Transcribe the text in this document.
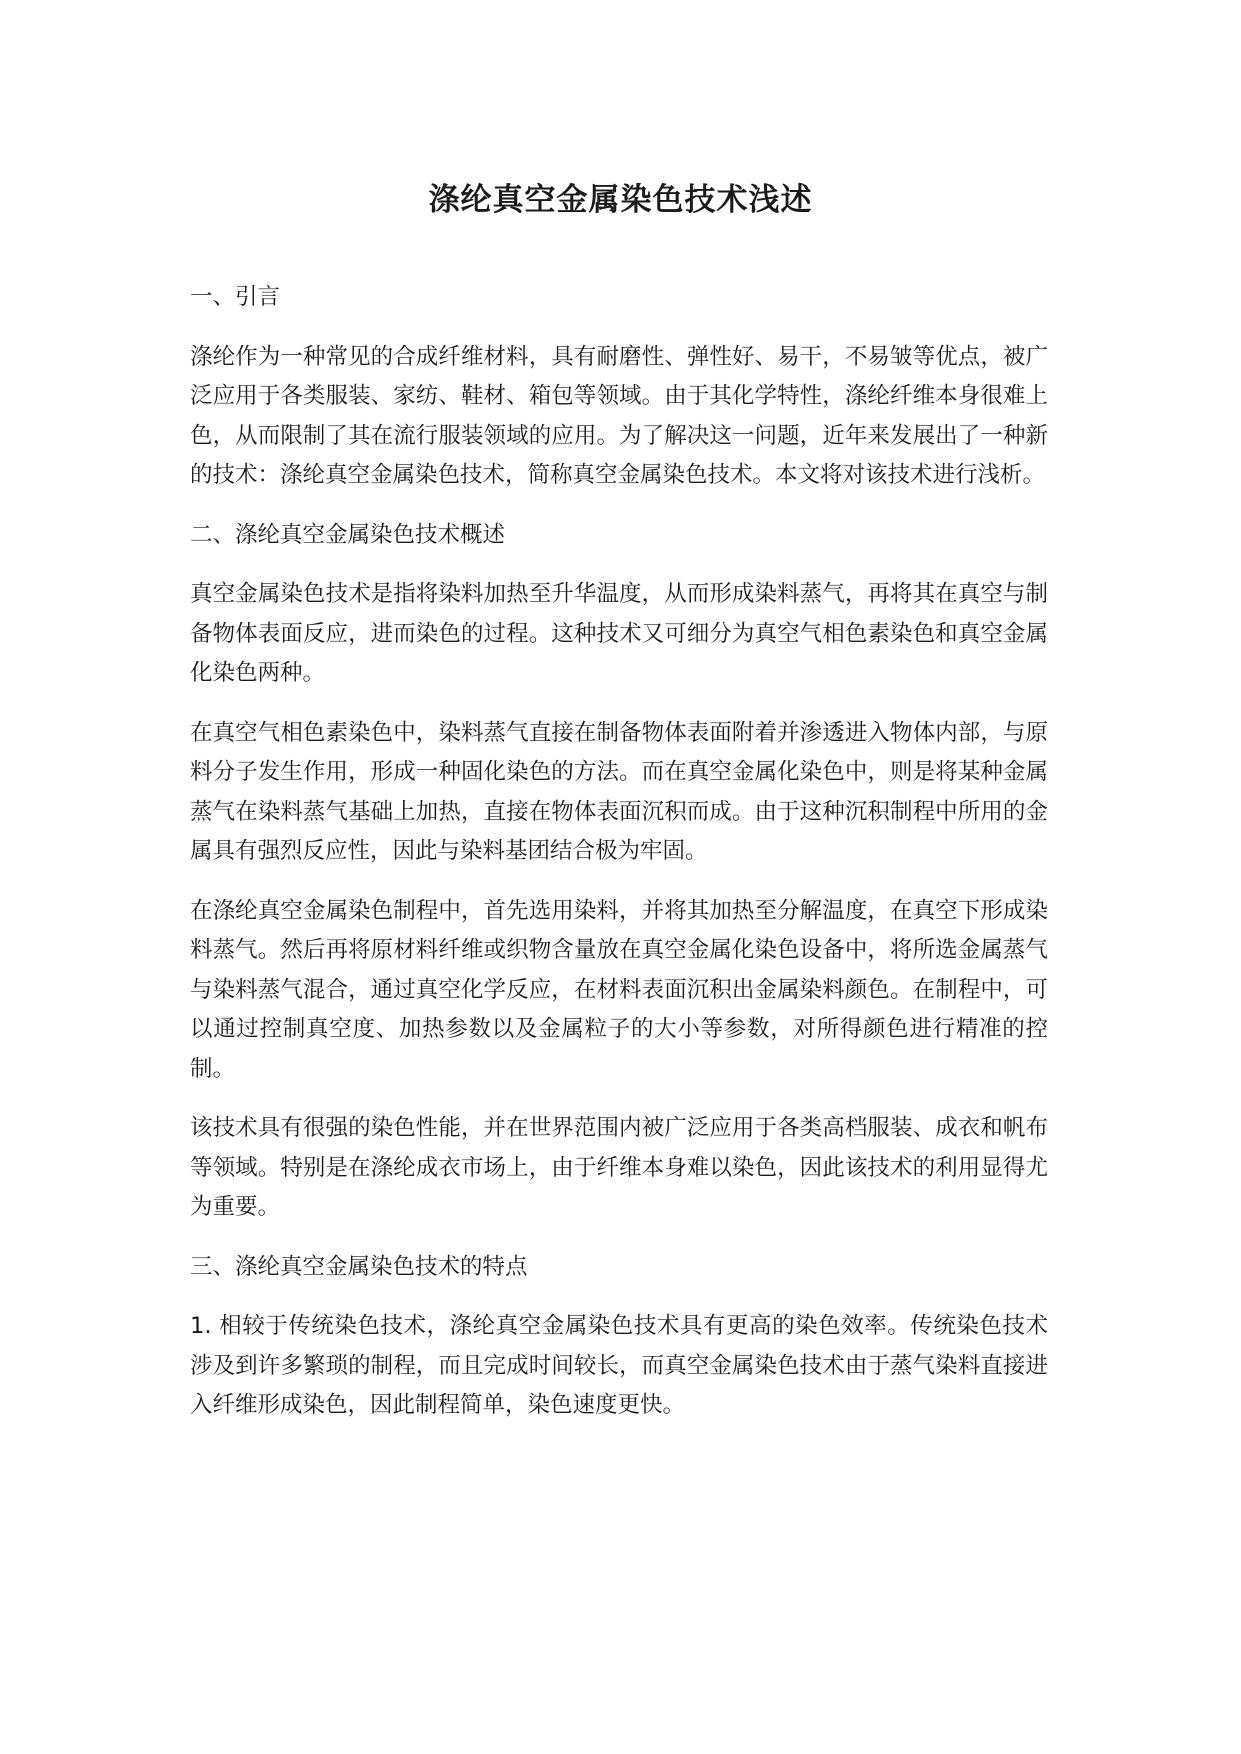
涤纶真空金属染色技术浅述
一、引言
涤纶作为一种常见的合成纤维材料，具有耐磨性、弹性好、易干，不易皱等优点，被广泛应用于各类服装、家纺、鞋材、箱包等领域。由于其化学特性，涤纶纤维本身很难上色，从而限制了其在流行服装领域的应用。为了解决这一问题，近年来发展出了一种新的技术：涤纶真空金属染色技术，简称真空金属染色技术。本文将对该技术进行浅析。
二、涤纶真空金属染色技术概述
真空金属染色技术是指将染料加热至升华温度，从而形成染料蒸气，再将其在真空与制备物体表面反应，进而染色的过程。这种技术又可细分为真空气相色素染色和真空金属化染色两种。
在真空气相色素染色中，染料蒸气直接在制备物体表面附着并渗透进入物体内部，与原料分子发生作用，形成一种固化染色的方法。而在真空金属化染色中，则是将某种金属蒸气在染料蒸气基础上加热，直接在物体表面沉积而成。由于这种沉积制程中所用的金属具有强烈反应性，因此与染料基团结合极为牢固。
在涤纶真空金属染色制程中，首先选用染料，并将其加热至分解温度，在真空下形成染料蒸气。然后再将原材料纤维或织物含量放在真空金属化染色设备中，将所选金属蒸气与染料蒸气混合，通过真空化学反应，在材料表面沉积出金属染料颜色。在制程中，可以通过控制真空度、加热参数以及金属粒子的大小等参数，对所得颜色进行精准的控制。
该技术具有很强的染色性能，并在世界范围内被广泛应用于各类高档服装、成衣和帆布等领域。特别是在涤纶成衣市场上，由于纤维本身难以染色，因此该技术的利用显得尤为重要。
三、涤纶真空金属染色技术的特点
1. 相较于传统染色技术，涤纶真空金属染色技术具有更高的染色效率。传统染色技术涉及到许多繁琐的制程，而且完成时间较长，而真空金属染色技术由于蒸气染料直接进入纤维形成染色，因此制程简单，染色速度更快。
